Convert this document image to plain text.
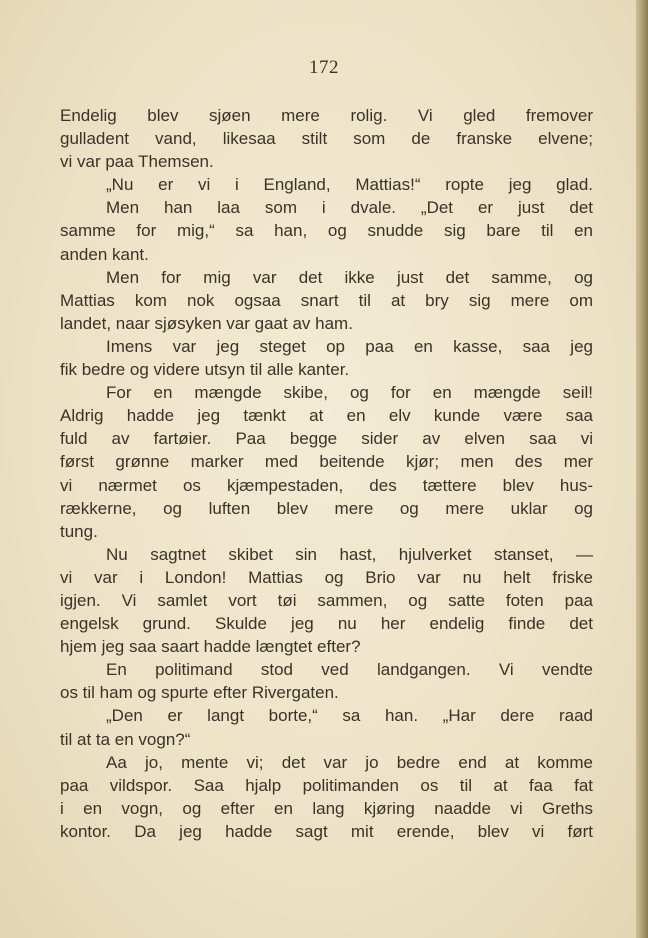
172
Endelig blev sjøen mere rolig. Vi gled fremover
gulladent vand, likesaa stilt som de franske elvene;
vi var paa Themsen.
„Nu er vi i England, Mattias!“ ropte jeg glad.
Men han laa som i dvale. „Det er just det
samme for mig,“ sa han, og snudde sig bare til en
anden kant.
Men for mig var det ikke just det samme, og
Mattias kom nok ogsaa snart til at bry sig mere om
landet, naar sjøsyken var gaat av ham.
Imens var jeg steget op paa en kasse, saa jeg
fik bedre og videre utsyn til alle kanter.
For en mængde skibe, og for en mængde seil!
Aldrig hadde jeg tænkt at en elv kunde være saa
fuld av fartøier. Paa begge sider av elven saa vi
først grønne marker med beitende kjør; men des mer
vi nærmet os kjæmpestaden, des tættere blev hus-
rækkerne, og luften blev mere og mere uklar og
tung.
Nu sagtnet skibet sin hast, hjulverket stanset, —
vi var i London! Mattias og Brio var nu helt friske
igjen. Vi samlet vort tøi sammen, og satte foten paa
engelsk grund. Skulde jeg nu her endelig finde det
hjem jeg saa saart hadde længtet efter?
En politimand stod ved landgangen. Vi vendte
os til ham og spurte efter Rivergaten.
„Den er langt borte,“ sa han. „Har dere raad
til at ta en vogn?“
Aa jo, mente vi; det var jo bedre end at komme
paa vildspor. Saa hjalp politimanden os til at faa fat
i en vogn, og efter en lang kjøring naadde vi Greths
kontor. Da jeg hadde sagt mit erende, blev vi ført
